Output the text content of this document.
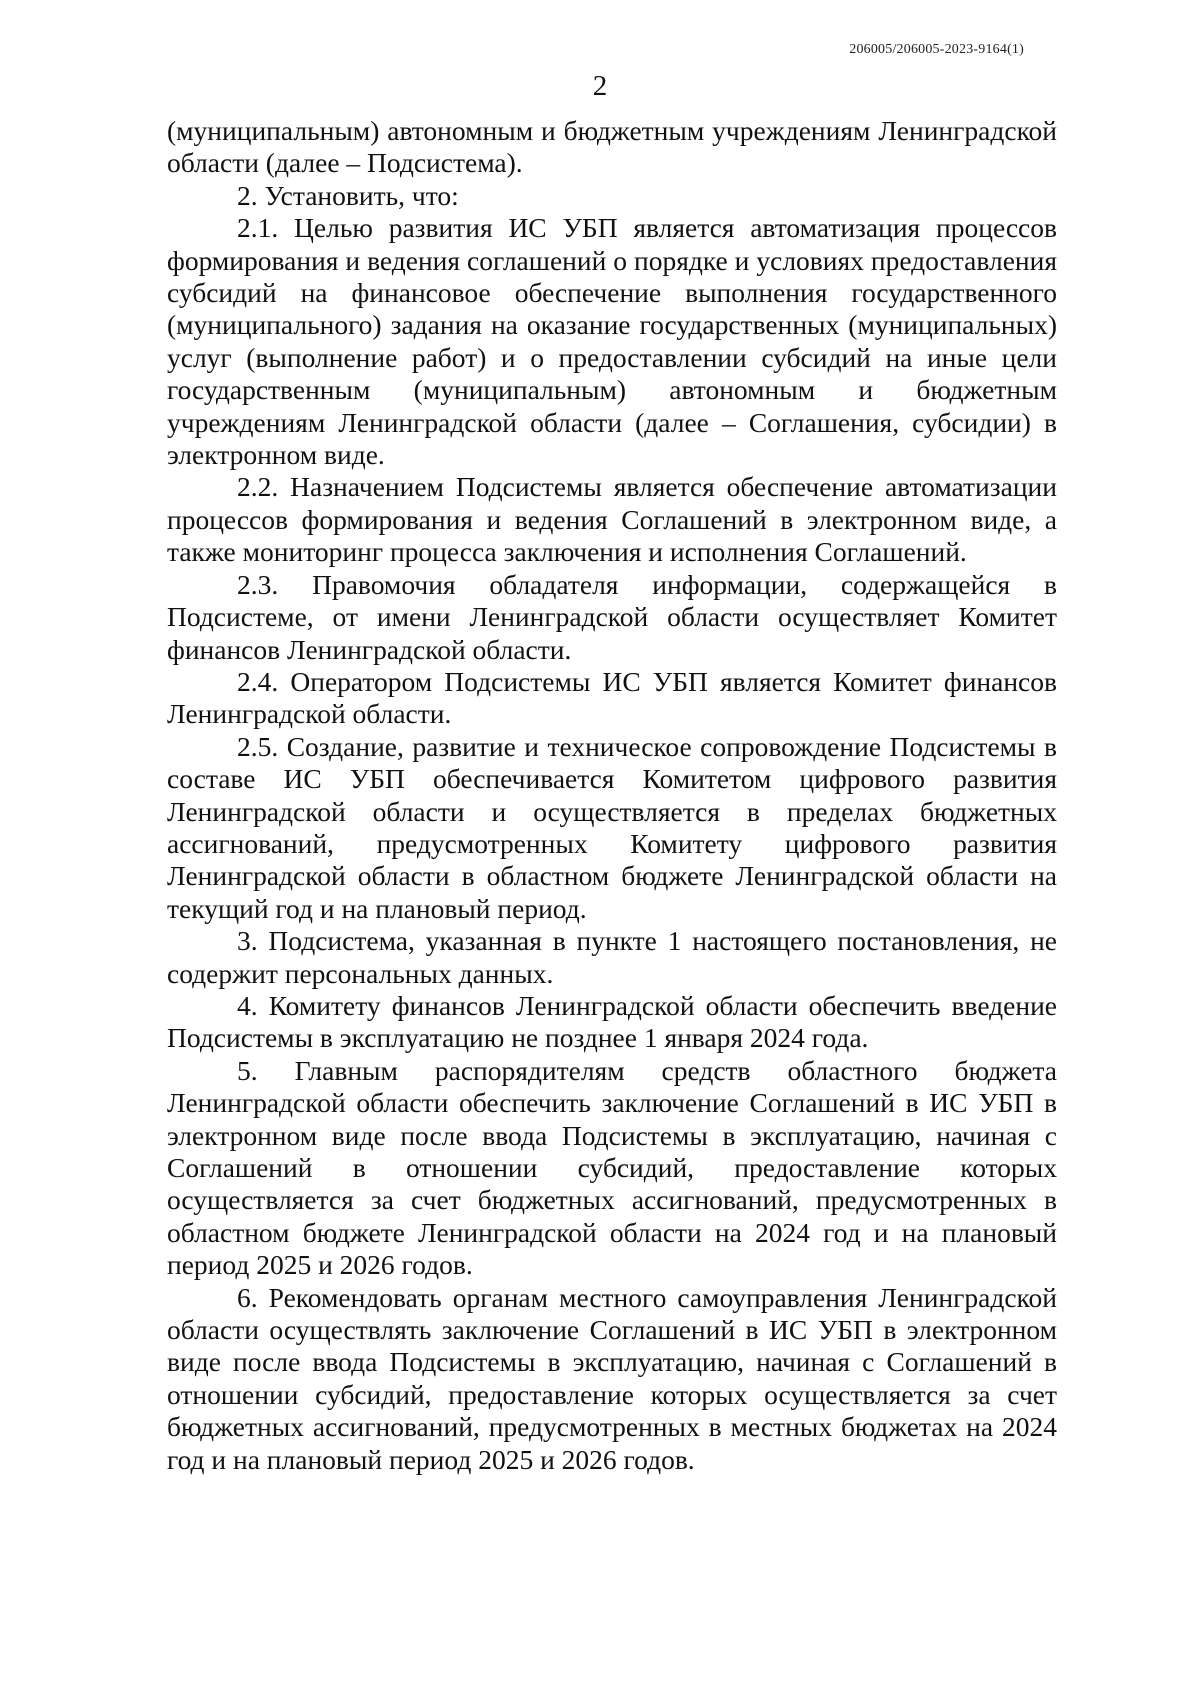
206005/206005-2023-9164(1)
2

(муниципальным) автономным и бюджетным учреждениям Ленинградской области (далее – Подсистема).

2. Установить, что:

2.1. Целью развития ИС УБП является автоматизация процессов формирования и ведения соглашений о порядке и условиях предоставления субсидий на финансовое обеспечение выполнения государственного (муниципального) задания на оказание государственных (муниципальных) услуг (выполнение работ) и о предоставлении субсидий на иные цели государственным (муниципальным) автономным и бюджетным учреждениям Ленинградской области (далее – Соглашения, субсидии) в электронном виде.

2.2. Назначением Подсистемы является обеспечение автоматизации процессов формирования и ведения Соглашений в электронном виде, а также мониторинг процесса заключения и исполнения Соглашений.

2.3. Правомочия обладателя информации, содержащейся в Подсистеме, от имени Ленинградской области осуществляет Комитет финансов Ленинградской области.

2.4. Оператором Подсистемы ИС УБП является Комитет финансов Ленинградской области.

2.5. Создание, развитие и техническое сопровождение Подсистемы в составе ИС УБП обеспечивается Комитетом цифрового развития Ленинградской области и осуществляется в пределах бюджетных ассигнований, предусмотренных Комитету цифрового развития Ленинградской области в областном бюджете Ленинградской области на текущий год и на плановый период.

3. Подсистема, указанная в пункте 1 настоящего постановления, не содержит персональных данных.

4. Комитету финансов Ленинградской области обеспечить введение Подсистемы в эксплуатацию не позднее 1 января 2024 года.

5. Главным распорядителям средств областного бюджета Ленинградской области обеспечить заключение Соглашений в ИС УБП в электронном виде после ввода Подсистемы в эксплуатацию, начиная с Соглашений в отношении субсидий, предоставление которых осуществляется за счет бюджетных ассигнований, предусмотренных в областном бюджете Ленинградской области на 2024 год и на плановый период 2025 и 2026 годов.

6. Рекомендовать органам местного самоуправления Ленинградской области осуществлять заключение Соглашений в ИС УБП в электронном виде после ввода Подсистемы в эксплуатацию, начиная с Соглашений в отношении субсидий, предоставление которых осуществляется за счет бюджетных ассигнований, предусмотренных в местных бюджетах на 2024 год и на плановый период 2025 и 2026 годов.
